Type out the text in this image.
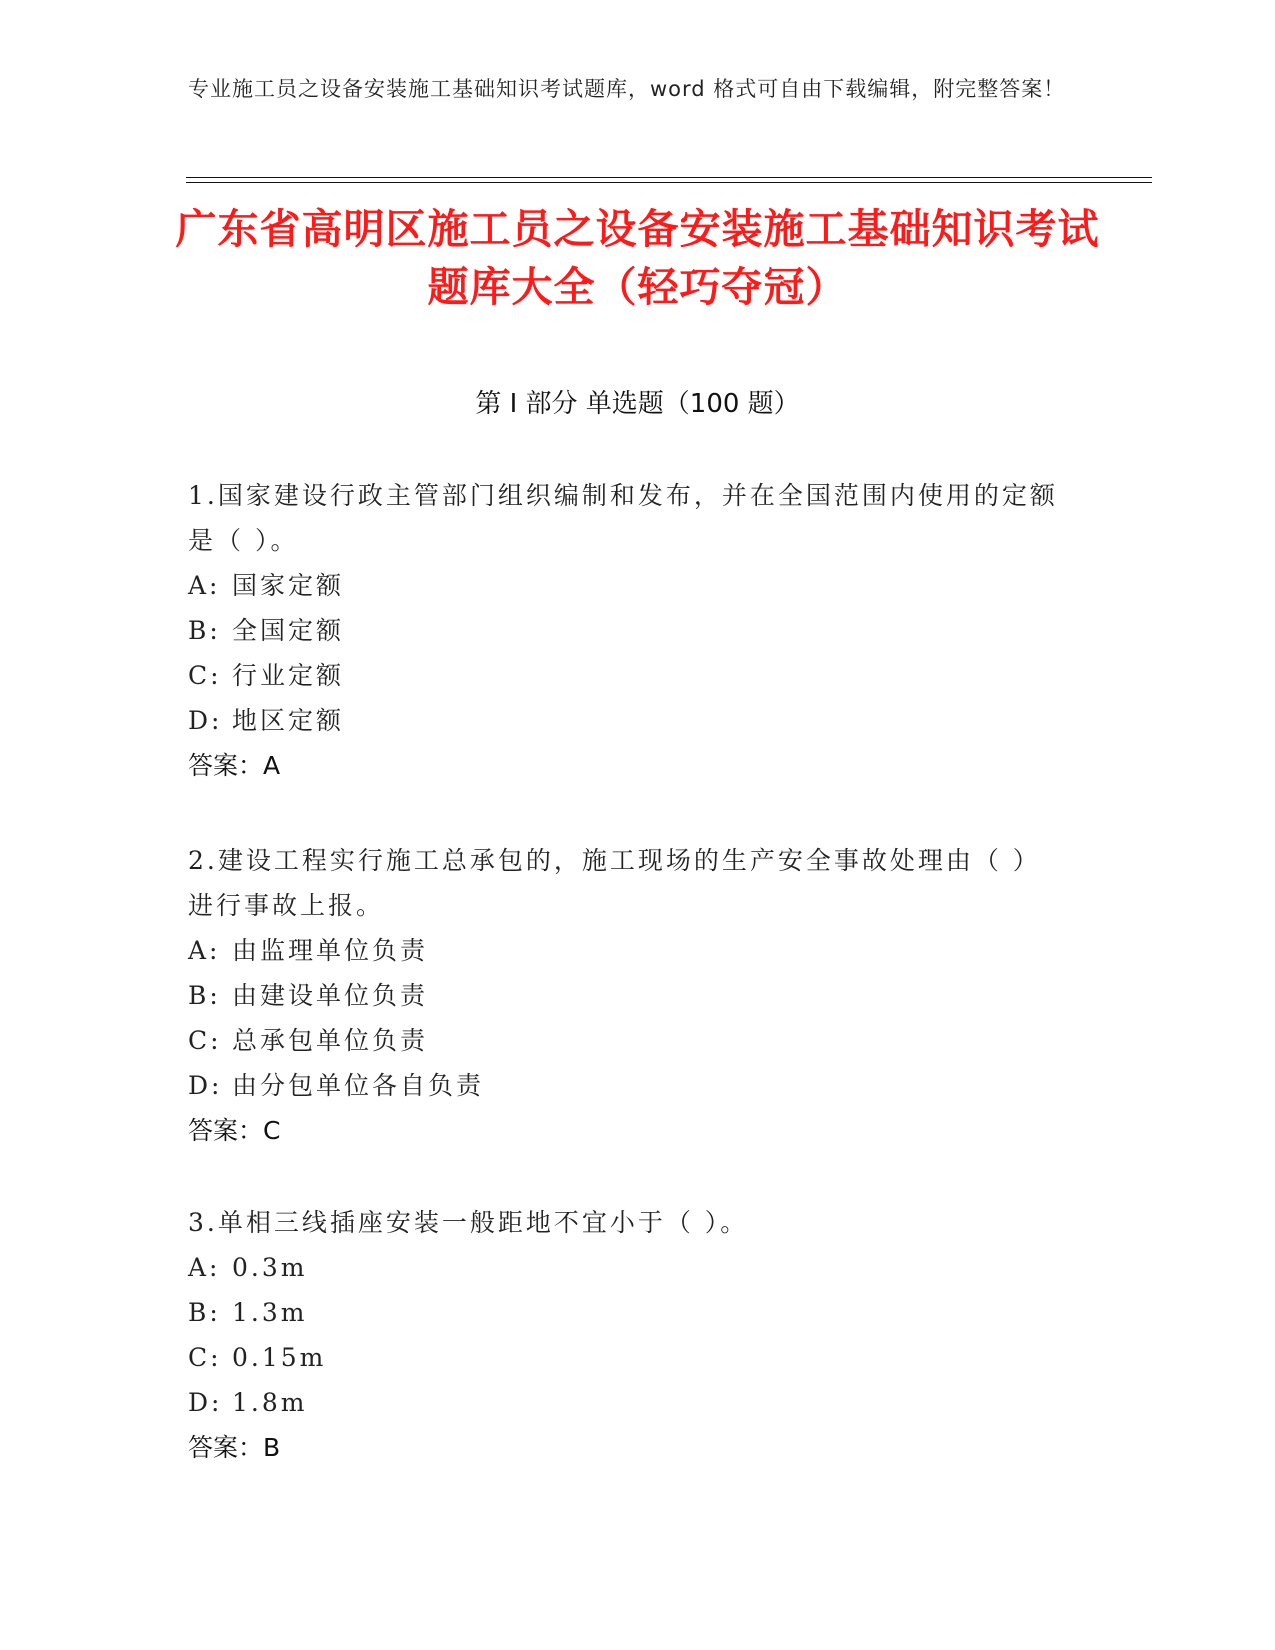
专业施工员之设备安装施工基础知识考试题库，word 格式可自由下载编辑，附完整答案！
广东省高明区施工员之设备安装施工基础知识考试题库大全（轻巧夺冠）
第 I 部分 单选题（100 题）
1.国家建设行政主管部门组织编制和发布，并在全国范围内使用的定额是（ ）。
A: 国家定额
B: 全国定额
C: 行业定额
D: 地区定额
答案：A
2.建设工程实行施工总承包的，施工现场的生产安全事故处理由（ ）进行事故上报。
A: 由监理单位负责
B: 由建设单位负责
C: 总承包单位负责
D: 由分包单位各自负责
答案：C
3.单相三线插座安装一般距地不宜小于（ ）。
A: 0.3m
B: 1.3m
C: 0.15m
D: 1.8m
答案：B
